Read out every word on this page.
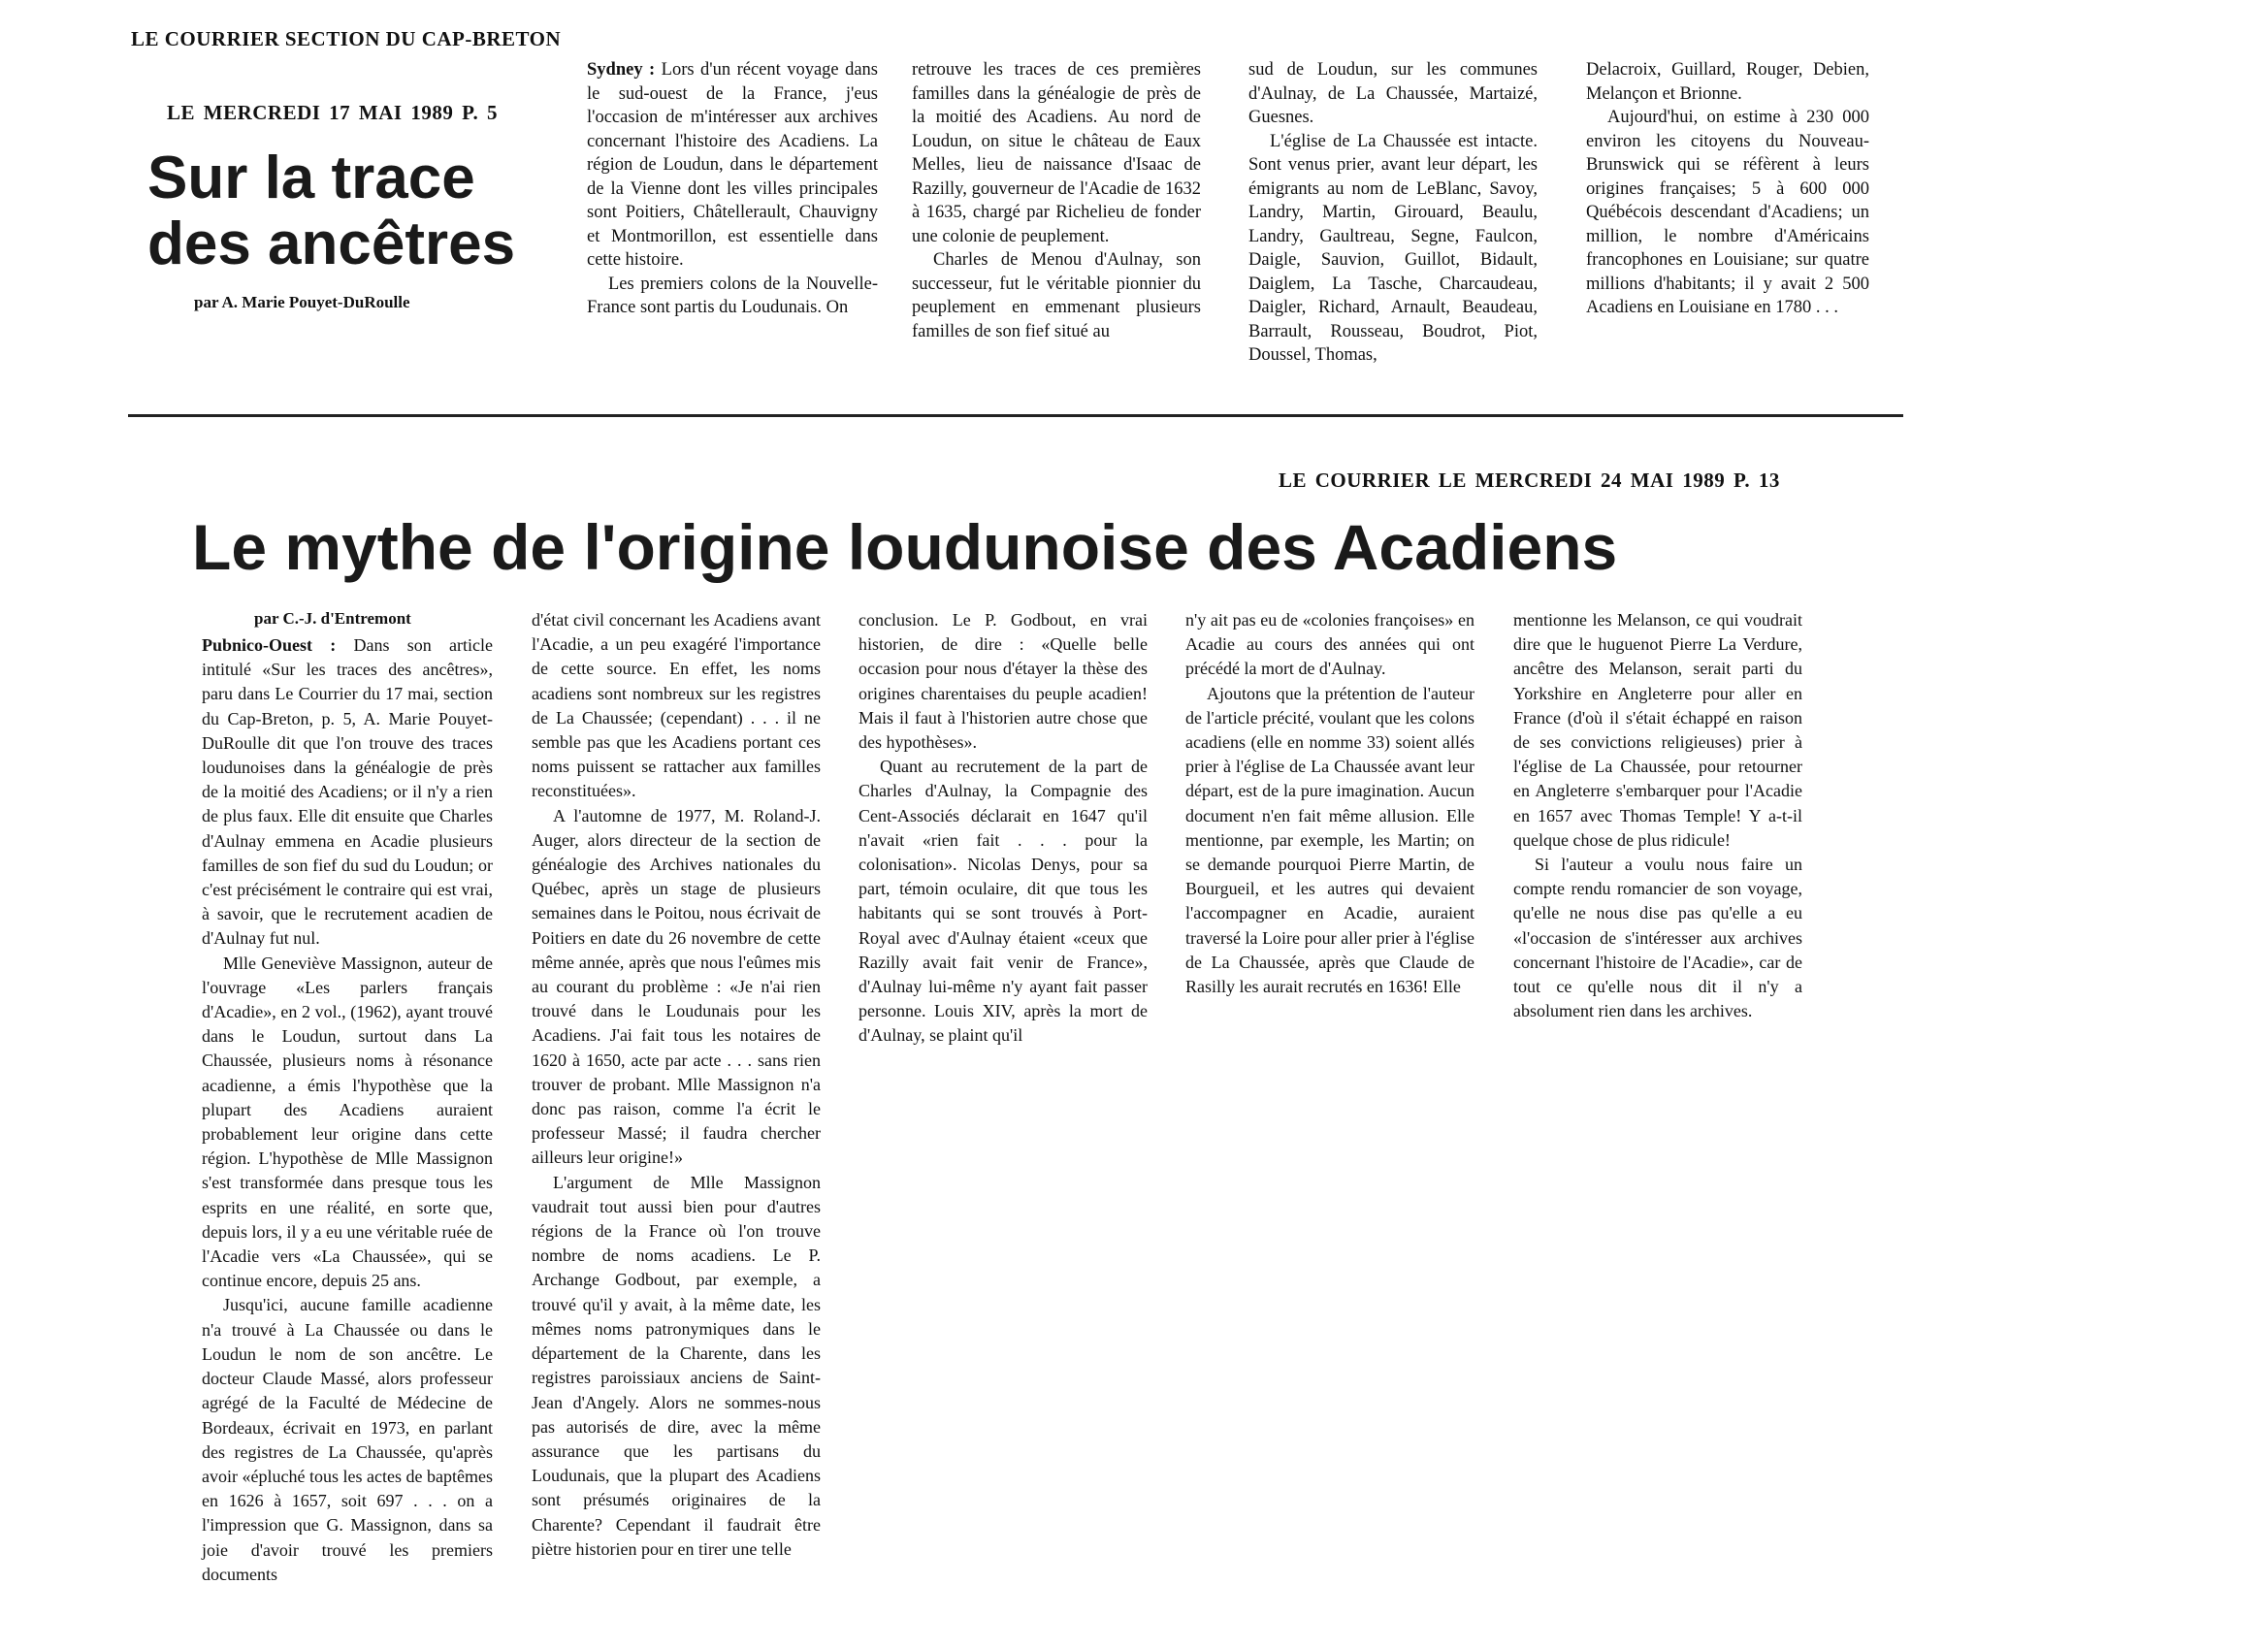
LE COURRIER SECTION DU CAP-BRETON
LE MERCREDI 17 MAI 1989 P. 5
Sur la trace des ancêtres
par A. Marie Pouyet-DuRoulle

Sydney : Lors d'un récent voyage dans le sud-ouest de la France, j'eus l'occasion de m'intéresser aux archives concernant l'histoire des Acadiens. La région de Loudun, dans le département de la Vienne dont les villes principales sont Poitiers, Châtellerault, Chauvigny et Montmorillon, est essentielle dans cette histoire.

Les premiers colons de la Nouvelle-France sont partis du Loudunais. On

retrouve les traces de ces premières familles dans la généalogie de près de la moitié des Acadiens. Au nord de Loudun, on situe le château de Eaux Melles, lieu de naissance d'Isaac de Razilly, gouverneur de l'Acadie de 1632 à 1635, chargé par Richelieu de fonder une colonie de peuplement.

Charles de Menou d'Aulnay, son successeur, fut le véritable pionnier du peuplement en emmenant plusieurs familles de son fief situé au

sud de Loudun, sur les communes d'Aulnay, de La Chaussée, Martaizé, Guesnes.

L'église de La Chaussée est intacte. Sont venus prier, avant leur départ, les émigrants au nom de LeBlanc, Savoy, Landry, Martin, Girouard, Beaulu, Landry, Gaultreau, Segne, Faulcon, Daigle, Sauvion, Guillot, Bidault, Daiglem, La Tasche, Charcaudeau, Daigler, Richard, Arnault, Beaudeau, Barrault, Rousseau, Boudrot, Piot, Doussel, Thomas,

Delacroix, Guillard, Rouger, Debien, Melançon et Brionne.

Aujourd'hui, on estime à 230 000 environ les citoyens du Nouveau-Brunswick qui se réfèrent à leurs origines françaises; 5 à 600 000 Québécois descendant d'Acadiens; un million, le nombre d'Américains francophones en Louisiane; sur quatre millions d'habitants; il y avait 2 500 Acadiens en Louisiane en 1780 . . .

LE COURRIER LE MERCREDI 24 MAI 1989 P. 13
Le mythe de l'origine loudunoise des Acadiens
par C.-J. d'Entremont

Pubnico-Ouest : Dans son article intitulé «Sur les traces des ancêtres», paru dans Le Courrier du 17 mai, section du Cap-Breton, p. 5, A. Marie Pouyet-DuRoulle dit que l'on trouve des traces loudunoises dans la généalogie de près de la moitié des Acadiens; or il n'y a rien de plus faux. Elle dit ensuite que Charles d'Aulnay emmena en Acadie plusieurs familles de son fief du sud du Loudun; or c'est précisément le contraire qui est vrai, à savoir, que le recrutement acadien de d'Aulnay fut nul.

Mlle Geneviève Massignon, auteur de l'ouvrage «Les parlers français d'Acadie», en 2 vol., (1962), ayant trouvé dans le Loudun, surtout dans La Chaussée, plusieurs noms à résonance acadienne, a émis l'hypothèse que la plupart des Acadiens auraient probablement leur origine dans cette région. L'hypothèse de Mlle Massignon s'est transformée dans presque tous les esprits en une réalité, en sorte que, depuis lors, il y a eu une véritable ruée de l'Acadie vers «La Chaussée», qui se continue encore, depuis 25 ans.

Jusqu'ici, aucune famille acadienne n'a trouvé à La Chaussée ou dans le Loudun le nom de son ancêtre. Le docteur Claude Massé, alors professeur agrégé de la Faculté de Médecine de Bordeaux, écrivait en 1973, en parlant des registres de La Chaussée, qu'après avoir «épluché tous les actes de baptêmes en 1626 à 1657, soit 697 . . . on a l'impression que G. Massignon, dans sa joie d'avoir trouvé les premiers documents

d'état civil concernant les Acadiens avant l'Acadie, a un peu exagéré l'importance de cette source. En effet, les noms acadiens sont nombreux sur les registres de La Chaussée; (cependant) . . . il ne semble pas que les Acadiens portant ces noms puissent se rattacher aux familles reconstituées».

A l'automne de 1977, M. Roland-J. Auger, alors directeur de la section de généalogie des Archives nationales du Québec, après un stage de plusieurs semaines dans le Poitou, nous écrivait de Poitiers en date du 26 novembre de cette même année, après que nous l'eûmes mis au courant du problème : «Je n'ai rien trouvé dans le Loudunais pour les Acadiens. J'ai fait tous les notaires de 1620 à 1650, acte par acte . . . sans rien trouver de probant. Mlle Massignon n'a donc pas raison, comme l'a écrit le professeur Massé; il faudra chercher ailleurs leur origine!»

L'argument de Mlle Massignon vaudrait tout aussi bien pour d'autres régions de la France où l'on trouve nombre de noms acadiens. Le P. Archange Godbout, par exemple, a trouvé qu'il y avait, à la même date, les mêmes noms patronymiques dans le département de la Charente, dans les registres paroissiaux anciens de Saint-Jean d'Angely. Alors ne sommes-nous pas autorisés de dire, avec la même assurance que les partisans du Loudunais, que la plupart des Acadiens sont présumés originaires de la Charente? Cependant il faudrait être piètre historien pour en tirer une telle

conclusion. Le P. Godbout, en vrai historien, de dire : «Quelle belle occasion pour nous d'étayer la thèse des origines charentaises du peuple acadien! Mais il faut à l'historien autre chose que des hypothèses».

Quant au recrutement de la part de Charles d'Aulnay, la Compagnie des Cent-Associés déclarait en 1647 qu'il n'avait «rien fait . . . pour la colonisation». Nicolas Denys, pour sa part, témoin oculaire, dit que tous les habitants qui se sont trouvés à Port-Royal avec d'Aulnay étaient «ceux que Razilly avait fait venir de France», d'Aulnay lui-même n'y ayant fait passer personne. Louis XIV, après la mort de d'Aulnay, se plaint qu'il

n'y ait pas eu de «colonies françoises» en Acadie au cours des années qui ont précédé la mort de d'Aulnay.

Ajoutons que la prétention de l'auteur de l'article précité, voulant que les colons acadiens (elle en nomme 33) soient allés prier à l'église de La Chaussée avant leur départ, est de la pure imagination. Aucun document n'en fait même allusion. Elle mentionne, par exemple, les Martin; on se demande pourquoi Pierre Martin, de Bourgueil, et les autres qui devaient l'accompagner en Acadie, auraient traversé la Loire pour aller prier à l'église de La Chaussée, après que Claude de Rasilly les aurait recrutés en 1636! Elle

mentionne les Melanson, ce qui voudrait dire que le huguenot Pierre La Verdure, ancêtre des Melanson, serait parti du Yorkshire en Angleterre pour aller en France (d'où il s'était échappé en raison de ses convictions religieuses) prier à l'église de La Chaussée, pour retourner en Angleterre s'embarquer pour l'Acadie en 1657 avec Thomas Temple! Y a-t-il quelque chose de plus ridicule!

Si l'auteur a voulu nous faire un compte rendu romancier de son voyage, qu'elle ne nous dise pas qu'elle a eu «l'occasion de s'intéresser aux archives concernant l'histoire de l'Acadie», car de tout ce qu'elle nous dit il n'y a absolument rien dans les archives.
